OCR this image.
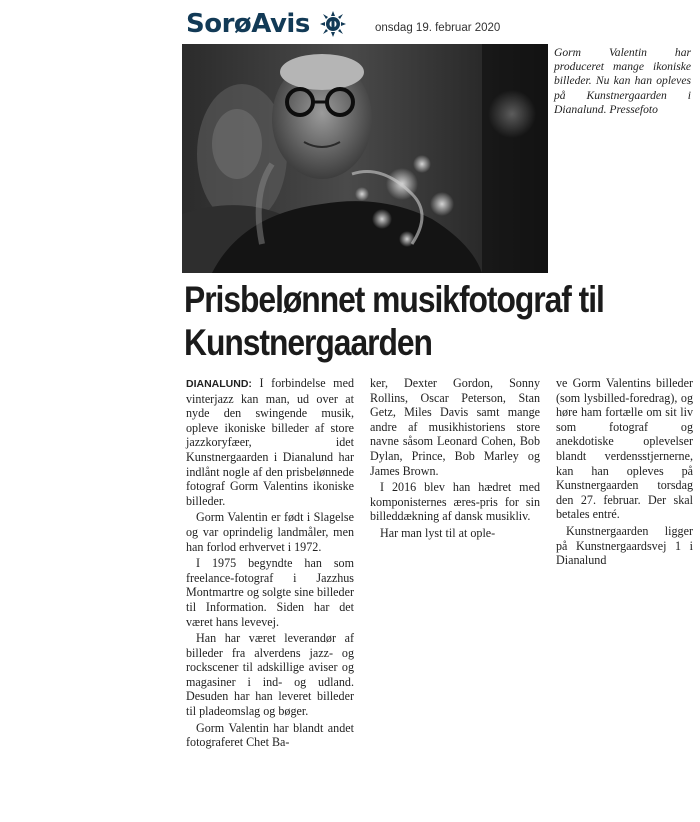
SorøAvis	onsdag 19. februar 2020
Gorm Valentin har produceret mange ikoniske billeder. Nu kan han opleves på Kunstnergaarden i Dianalund. Pressefoto
Prisbelønnet musikfotograf til
Kunstnergaarden

DIANALUND: I forbindelse med vinterjazz kan man, ud over at nyde den swingende musik, opleve ikoniske billeder af store jazzkoryfæer, idet Kunstnergaarden i Dianalund har indlånt nogle af den prisbelønnede fotograf Gorm Valentins ikoniske billeder.

Gorm Valentin er født i Slagelse og var oprindelig landmåler, men han forlod erhvervet i 1972.

I 1975 begyndte han som freelance-fotograf i Jazzhus Montmartre og solgte sine billeder til Information. Siden har det været hans levevej.

Han har været leverandør af billeder fra alverdens jazz- og rockscener til adskillige aviser og magasiner i ind- og udland. Desuden har han leveret billeder til pladeomslag og bøger.

Gorm Valentin har blandt andet fotograferet Chet Ba-

ker, Dexter Gordon, Sonny Rollins, Oscar Peterson, Stan Getz, Miles Davis samt mange andre af musikhistoriens store navne såsom Leonard Cohen, Bob Dylan, Prince, Bob Marley og James Brown.

I 2016 blev han hædret med komponisternes æres-pris for sin billeddækning af dansk musikliv.

Har man lyst til at ople-

ve Gorm Valentins billeder (som lysbilled-foredrag), og høre ham fortælle om sit liv som fotograf og anekdotiske oplevelser blandt verdensstjernerne, kan han opleves på Kunstnergaarden torsdag den 27. februar. Der skal betales entré.

Kunstnergaarden ligger på Kunstnergaardsvej 1 i Dianalund
